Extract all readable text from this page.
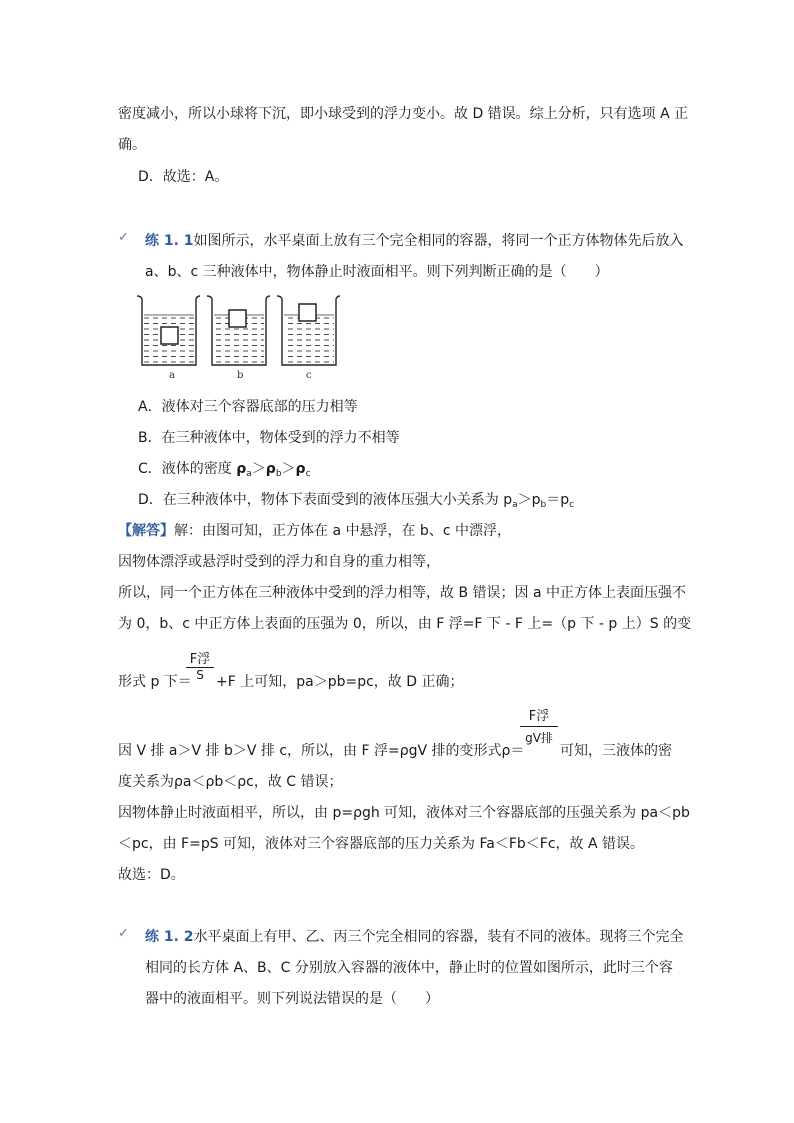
密度减小，所以小球将下沉，即小球受到的浮力变小。故 D 错误。综上分析，只有选项 A 正
确。
D．故选：A。
✓ 练 1. 1如图所示，水平桌面上放有三个完全相同的容器，将同一个正方体物体先后放入
a、b、c 三种液体中，物体静止时液面相平。则下列判断正确的是（　　）
a	b	c
A．液体对三个容器底部的压力相等
B．在三种液体中，物体受到的浮力不相等
C．液体的密度 $\rho_a>\rho_b>\rho_c$
D．在三种液体中，物体下表面受到的液体压强大小关系为 $p_a>p_b=p_c$
【解答】解：由图可知，正方体在 a 中悬浮，在 b、c 中漂浮，
因物体漂浮或悬浮时受到的浮力和自身的重力相等，
所以，同一个正方体在三种液体中受到的浮力相等，故 B 错误；因 a 中正方体上表面压强不
为 0，b、c 中正方体上表面的压强为 0，所以，由 F 浮=F 下 - F 上=（p 下 - p 上）S 的变
形式 p 下＝
F浮
S +F 上可知，pa＞pb=pc，故 D 正确；
因 V 排 a＞V 排 b＞V 排 c，所以，由 F 浮=ρgV 排的变形式ρ＝
F浮
gV排
可知，三液体的密
度关系为ρa＜ρb＜ρc，故 C 错误；
因物体静止时液面相平，所以，由 p=ρgh 可知，液体对三个容器底部的压强关系为 pa＜pb
＜pc，由 F=pS 可知，液体对三个容器底部的压力关系为 Fa＜Fb＜Fc，故 A 错误。
故选：D。
✓ 练 1. 2水平桌面上有甲、乙、丙三个完全相同的容器，装有不同的液体。现将三个完全
相同的长方体 A、B、C 分别放入容器的液体中，静止时的位置如图所示，此时三个容
器中的液面相平。则下列说法错误的是（　　）
